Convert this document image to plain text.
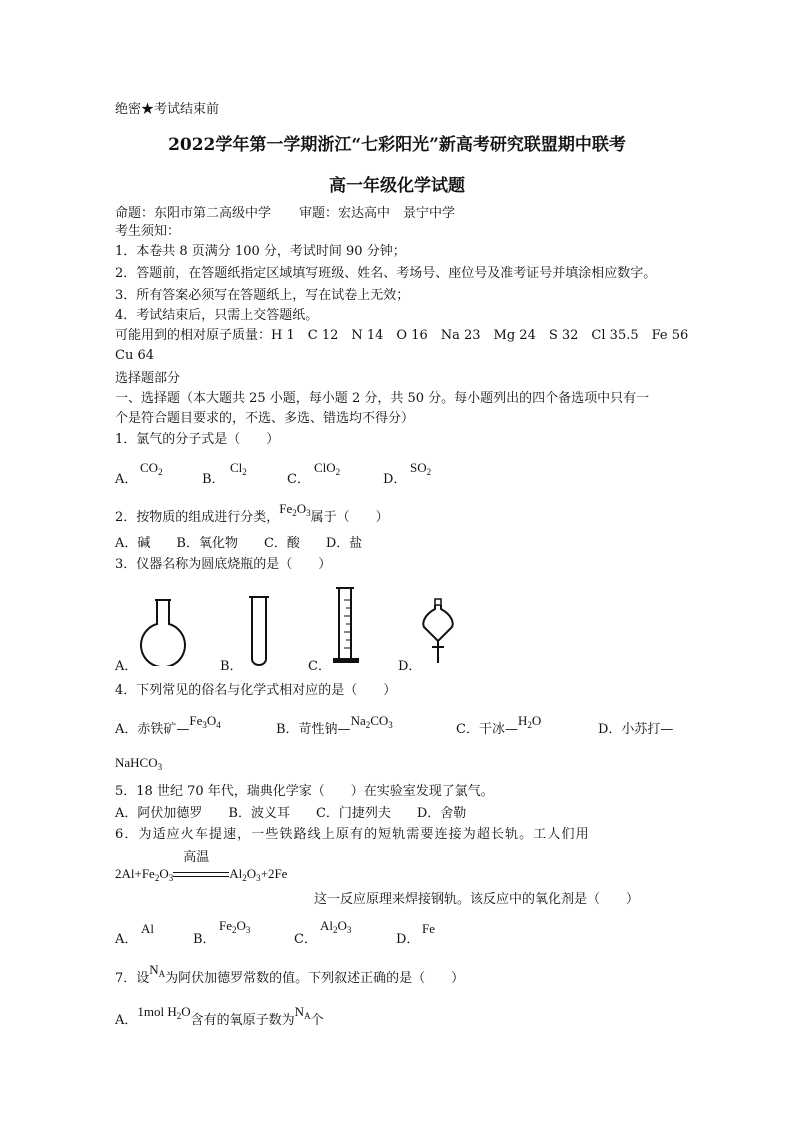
绝密★考试结束前
2022学年第一学期浙江“七彩阳光”新高考研究联盟期中联考
高一年级化学试题
命题：东阳市第二高级中学 审题：宏达高中　景宁中学
考生须知：
1．本卷共 8 页满分 100 分，考试时间 90 分钟；
2．答题前，在答题纸指定区域填写班级、姓名、考场号、座位号及准考证号并填涂相应数字。
3．所有答案必须写在答题纸上，写在试卷上无效；
4．考试结束后，只需上交答题纸。
可能用到的相对原子质量：H 1　C 12　N 14　O 16　Na 23　Mg 24　S 32　Cl 35.5　Fe 56
Cu 64
选择题部分
一、选择题（本大题共 25 小题，每小题 2 分，共 50 分。每小题列出的四个备选项中只有一
个是符合题目要求的，不选、多选、错选均不得分）
1．氯气的分子式是（　　）
A．
$CO_2$	B．
$Cl_2$	C．
ClO$_2$	D．
$SO_2$
2．按物质的组成进行分类，$Fe_2O_3$属于（　　）
A．碱　　B．氧化物　　C．酸　　D．盐
3．仪器名称为圆底烧瓶的是（　　）
A．	B．	C．	D．
4．下列常见的俗名与化学式相对应的是（　　）
A．赤铁矿$—Fe_3O_4$	B．苛性钠$—Na_2CO_3$	C．干冰$—H_2O$
D．小苏打—
NaHCO$_3$
5．18 世纪 70 年代，瑞典化学家（　　）在实验室发现了氯气。
A．阿伏加德罗　　B．波义耳　　C．门捷列夫　　D．舍勒
6．为适应火车提速，一些铁路线上原有的短轨需要连接为超长轨。工人们用
$2Al+Fe_2O_3$
高温
$Al_2O_3+2Fe$
这一反应原理来焊接钢轨。该反应中的氧化剂是（　　）
A．
Al
B．
$Fe_2O_3$
C．
$Al_2O_3$
D．
Fe
7．设$N_A$为阿伏加德罗常数的值。下列叙述正确的是（　　）
A．1mol $H_2O$含有的氧原子数为$N_A$个
